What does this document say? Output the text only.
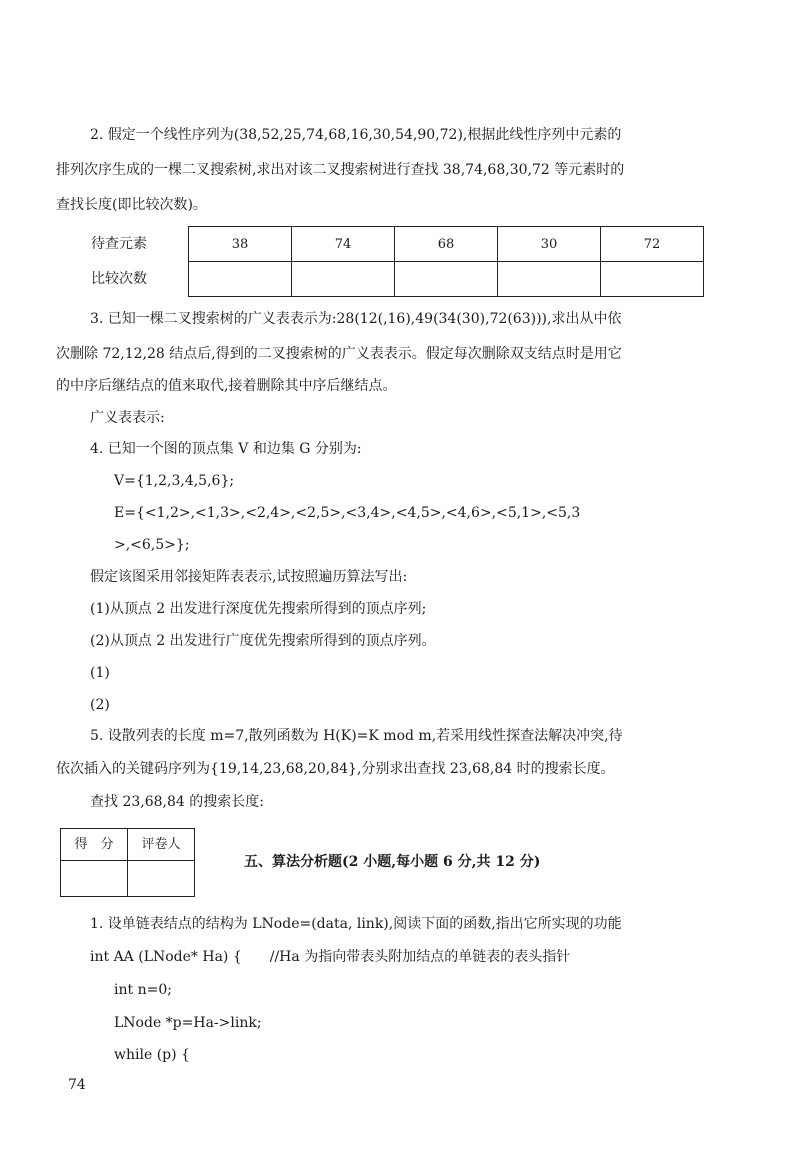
2. 假定一个线性序列为(38,52,25,74,68,16,30,54,90,72),根据此线性序列中元素的
排列次序生成的一棵二叉搜索树,求出对该二叉搜索树进行查找 38,74,68,30,72 等元素时的
查找长度(即比较次数)。
待查元素	38	74	68	30	72
比较次数					
3. 已知一棵二叉搜索树的广义表表示为:28(12(,16),49(34(30),72(63))),求出从中依
次删除 72,12,28 结点后,得到的二叉搜索树的广义表表示。假定每次删除双支结点时是用它
的中序后继结点的值来取代,接着删除其中序后继结点。
广义表表示:
4. 已知一个图的顶点集 V 和边集 G 分别为:
V={1,2,3,4,5,6};
E={<1,2>,<1,3>,<2,4>,<2,5>,<3,4>,<4,5>,<4,6>,<5,1>,<5,3
>,<6,5>};
假定该图采用邻接矩阵表表示,试按照遍历算法写出:
(1)从顶点 2 出发进行深度优先搜索所得到的顶点序列;
(2)从顶点 2 出发进行广度优先搜索所得到的顶点序列。
(1)
(2)
5. 设散列表的长度 m=7,散列函数为 H(K)=K mod m,若采用线性探查法解决冲突,待
依次插入的关键码序列为{19,14,23,68,20,84},分别求出查找 23,68,84 时的搜索长度。
查找 23,68,84 的搜索长度:
得　分	评卷人

五、算法分析题(2 小题,每小题 6 分,共 12 分)
1. 设单链表结点的结构为 LNode=(data, link),阅读下面的函数,指出它所实现的功能
int AA (LNode* Ha) {　　//Ha 为指向带表头附加结点的单链表的表头指针
int n=0;
LNode *p=Ha->link;
while (p) {
74
